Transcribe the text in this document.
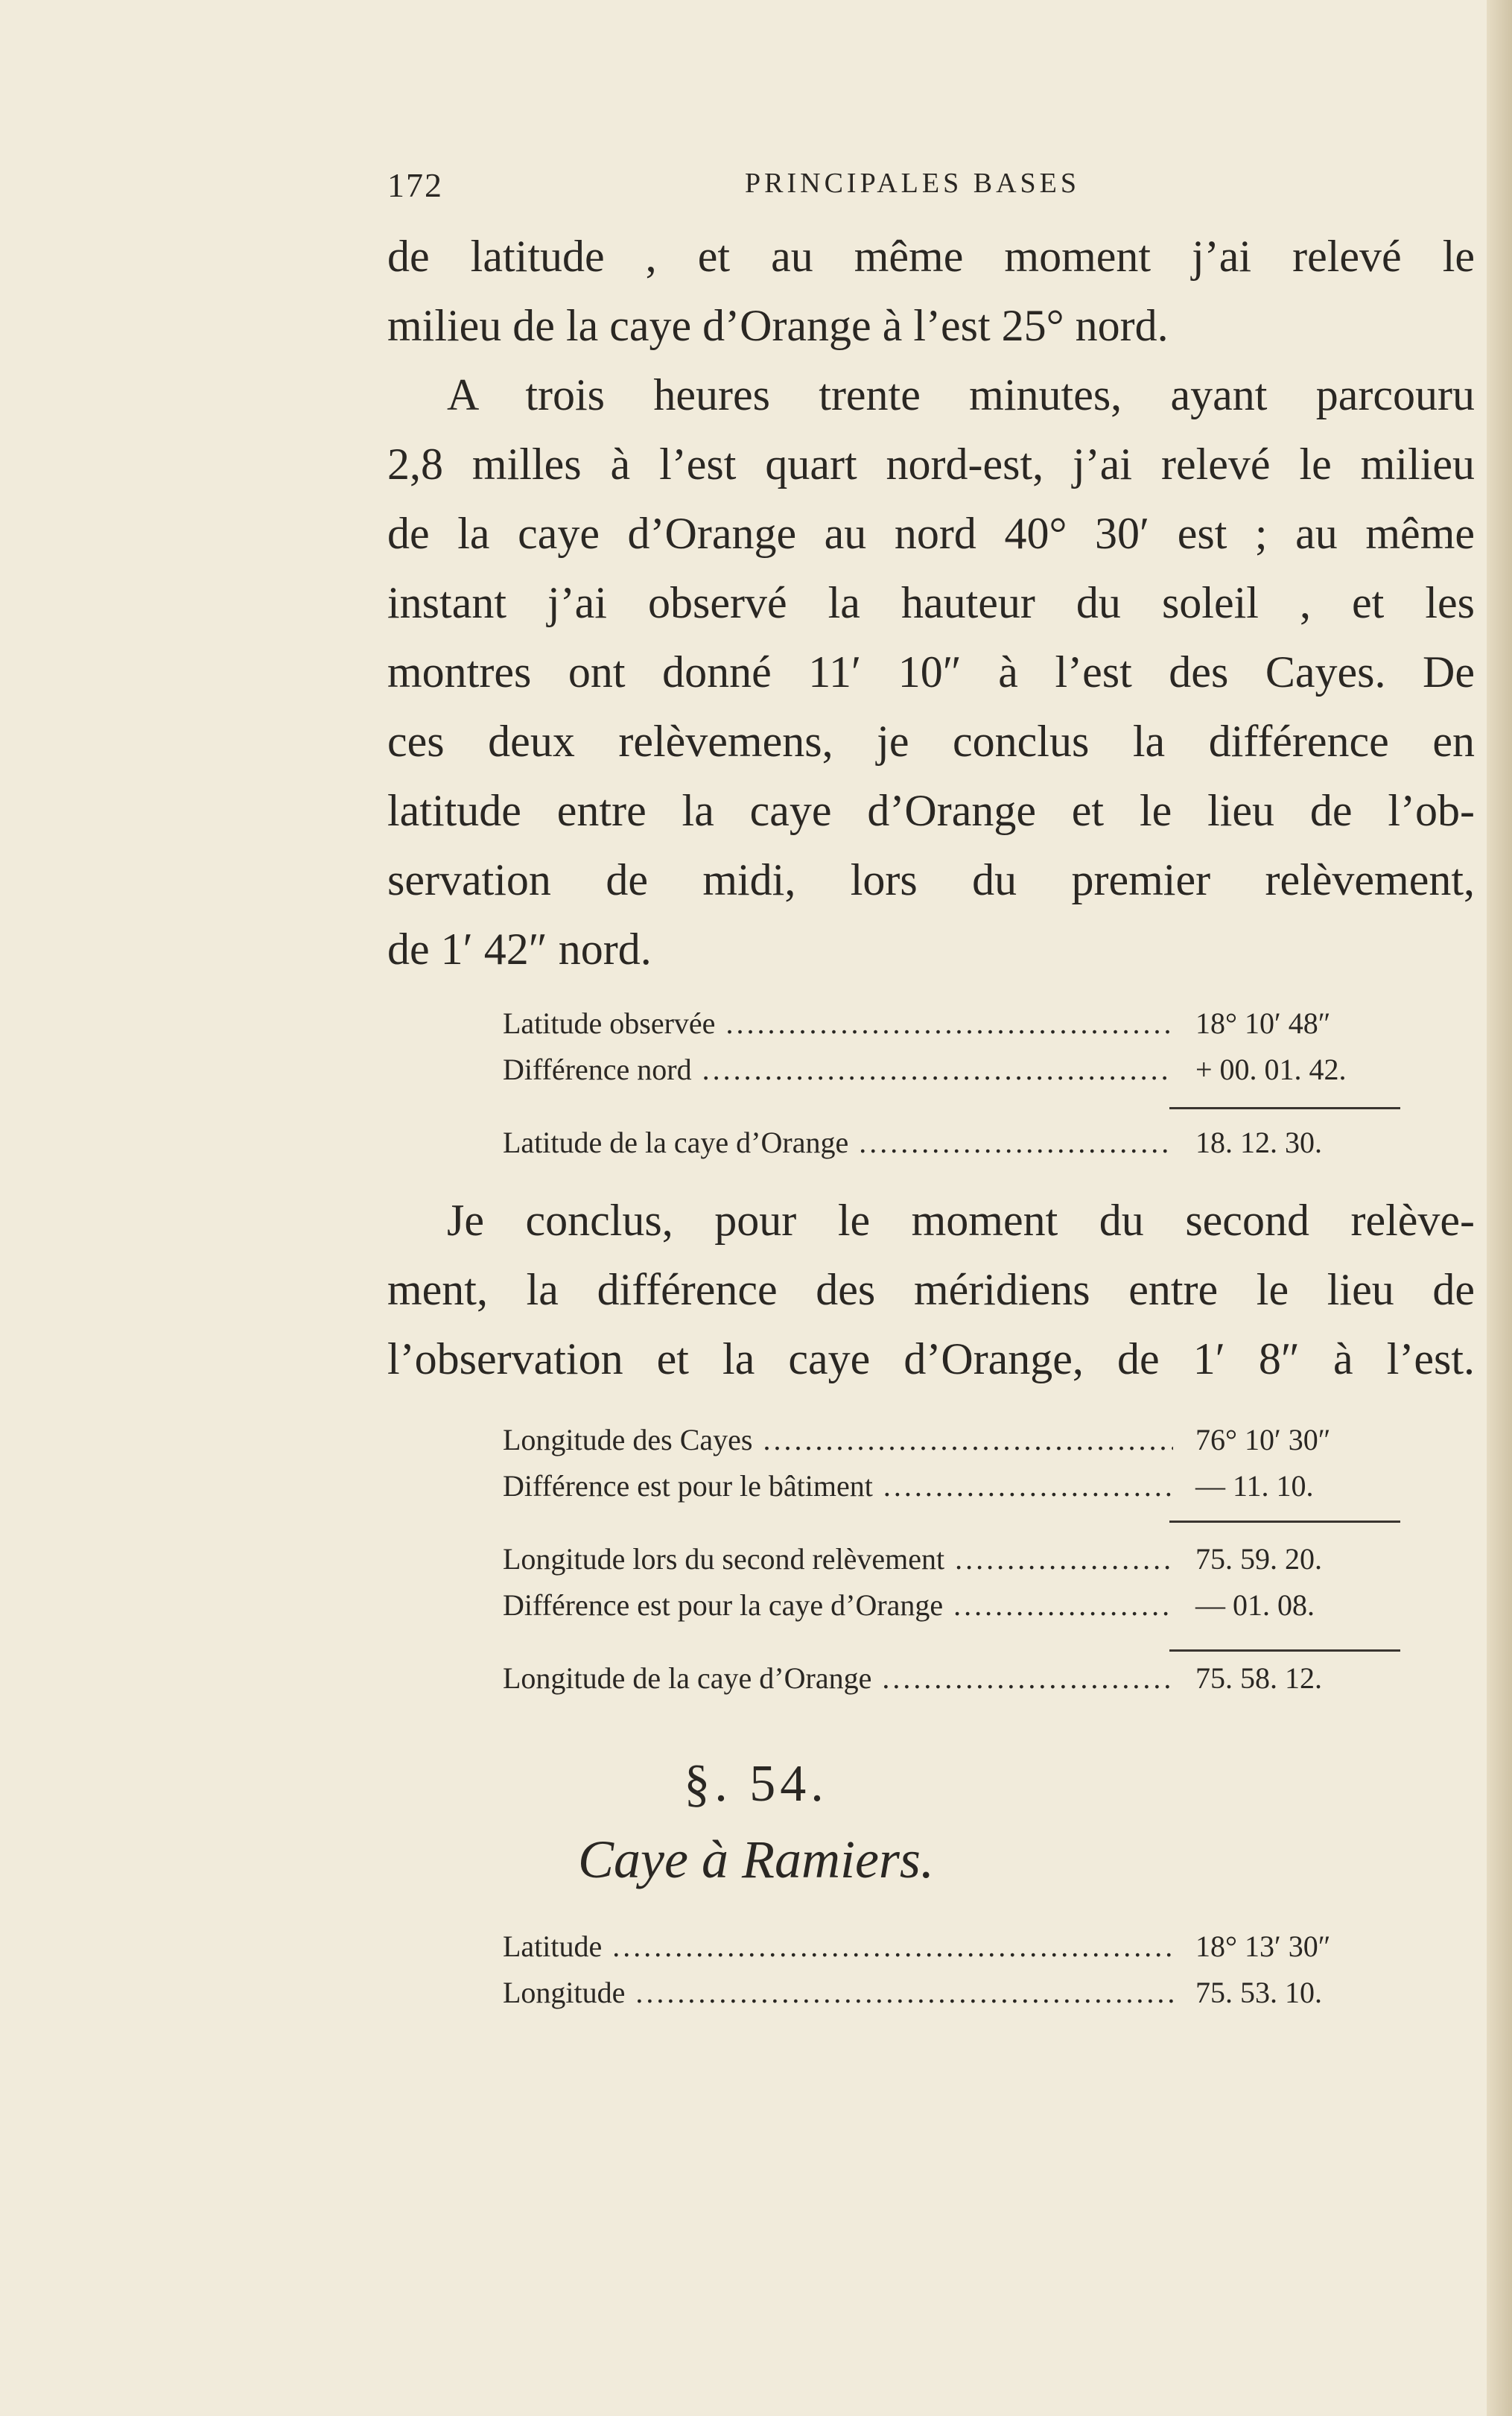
172	PRINCIPALES BASES
de latitude , et au même moment j’ai relevé le
milieu de la caye d’Orange à l’est 25° nord.
A trois heures trente minutes, ayant parcouru
2,8 milles à l’est quart nord-est, j’ai relevé le milieu
de la caye d’Orange au nord 40° 30′ est ; au même
instant j’ai observé la hauteur du soleil , et les
montres ont donné 11′ 10″ à l’est des Cayes. De
ces deux relèvemens, je conclus la différence en
latitude entre la caye d’Orange et le lieu de l’ob-
servation de midi, lors du premier relèvement,
de 1′ 42″ nord.
Latitude observée .....	18° 10′ 48″
Différence nord .....	+ 00. 01. 42.
Latitude de la caye d’Orange .....	18. 12. 30.
Je conclus, pour le moment du second relève-
ment, la différence des méridiens entre le lieu de
l’observation et la caye d’Orange, de 1′ 8″ à l’est.
Longitude des Cayes .....	76° 10′ 30″
Différence est pour le bâtiment .....	— 11. 10.
Longitude lors du second relèvement .....	75. 59. 20.
Différence est pour la caye d’Orange .....	— 01. 08.
Longitude de la caye d’Orange .....	75. 58. 12.
§. 54.
Caye à Ramiers.
Latitude .....	18° 13′ 30″
Longitude .....	75. 53. 10.
